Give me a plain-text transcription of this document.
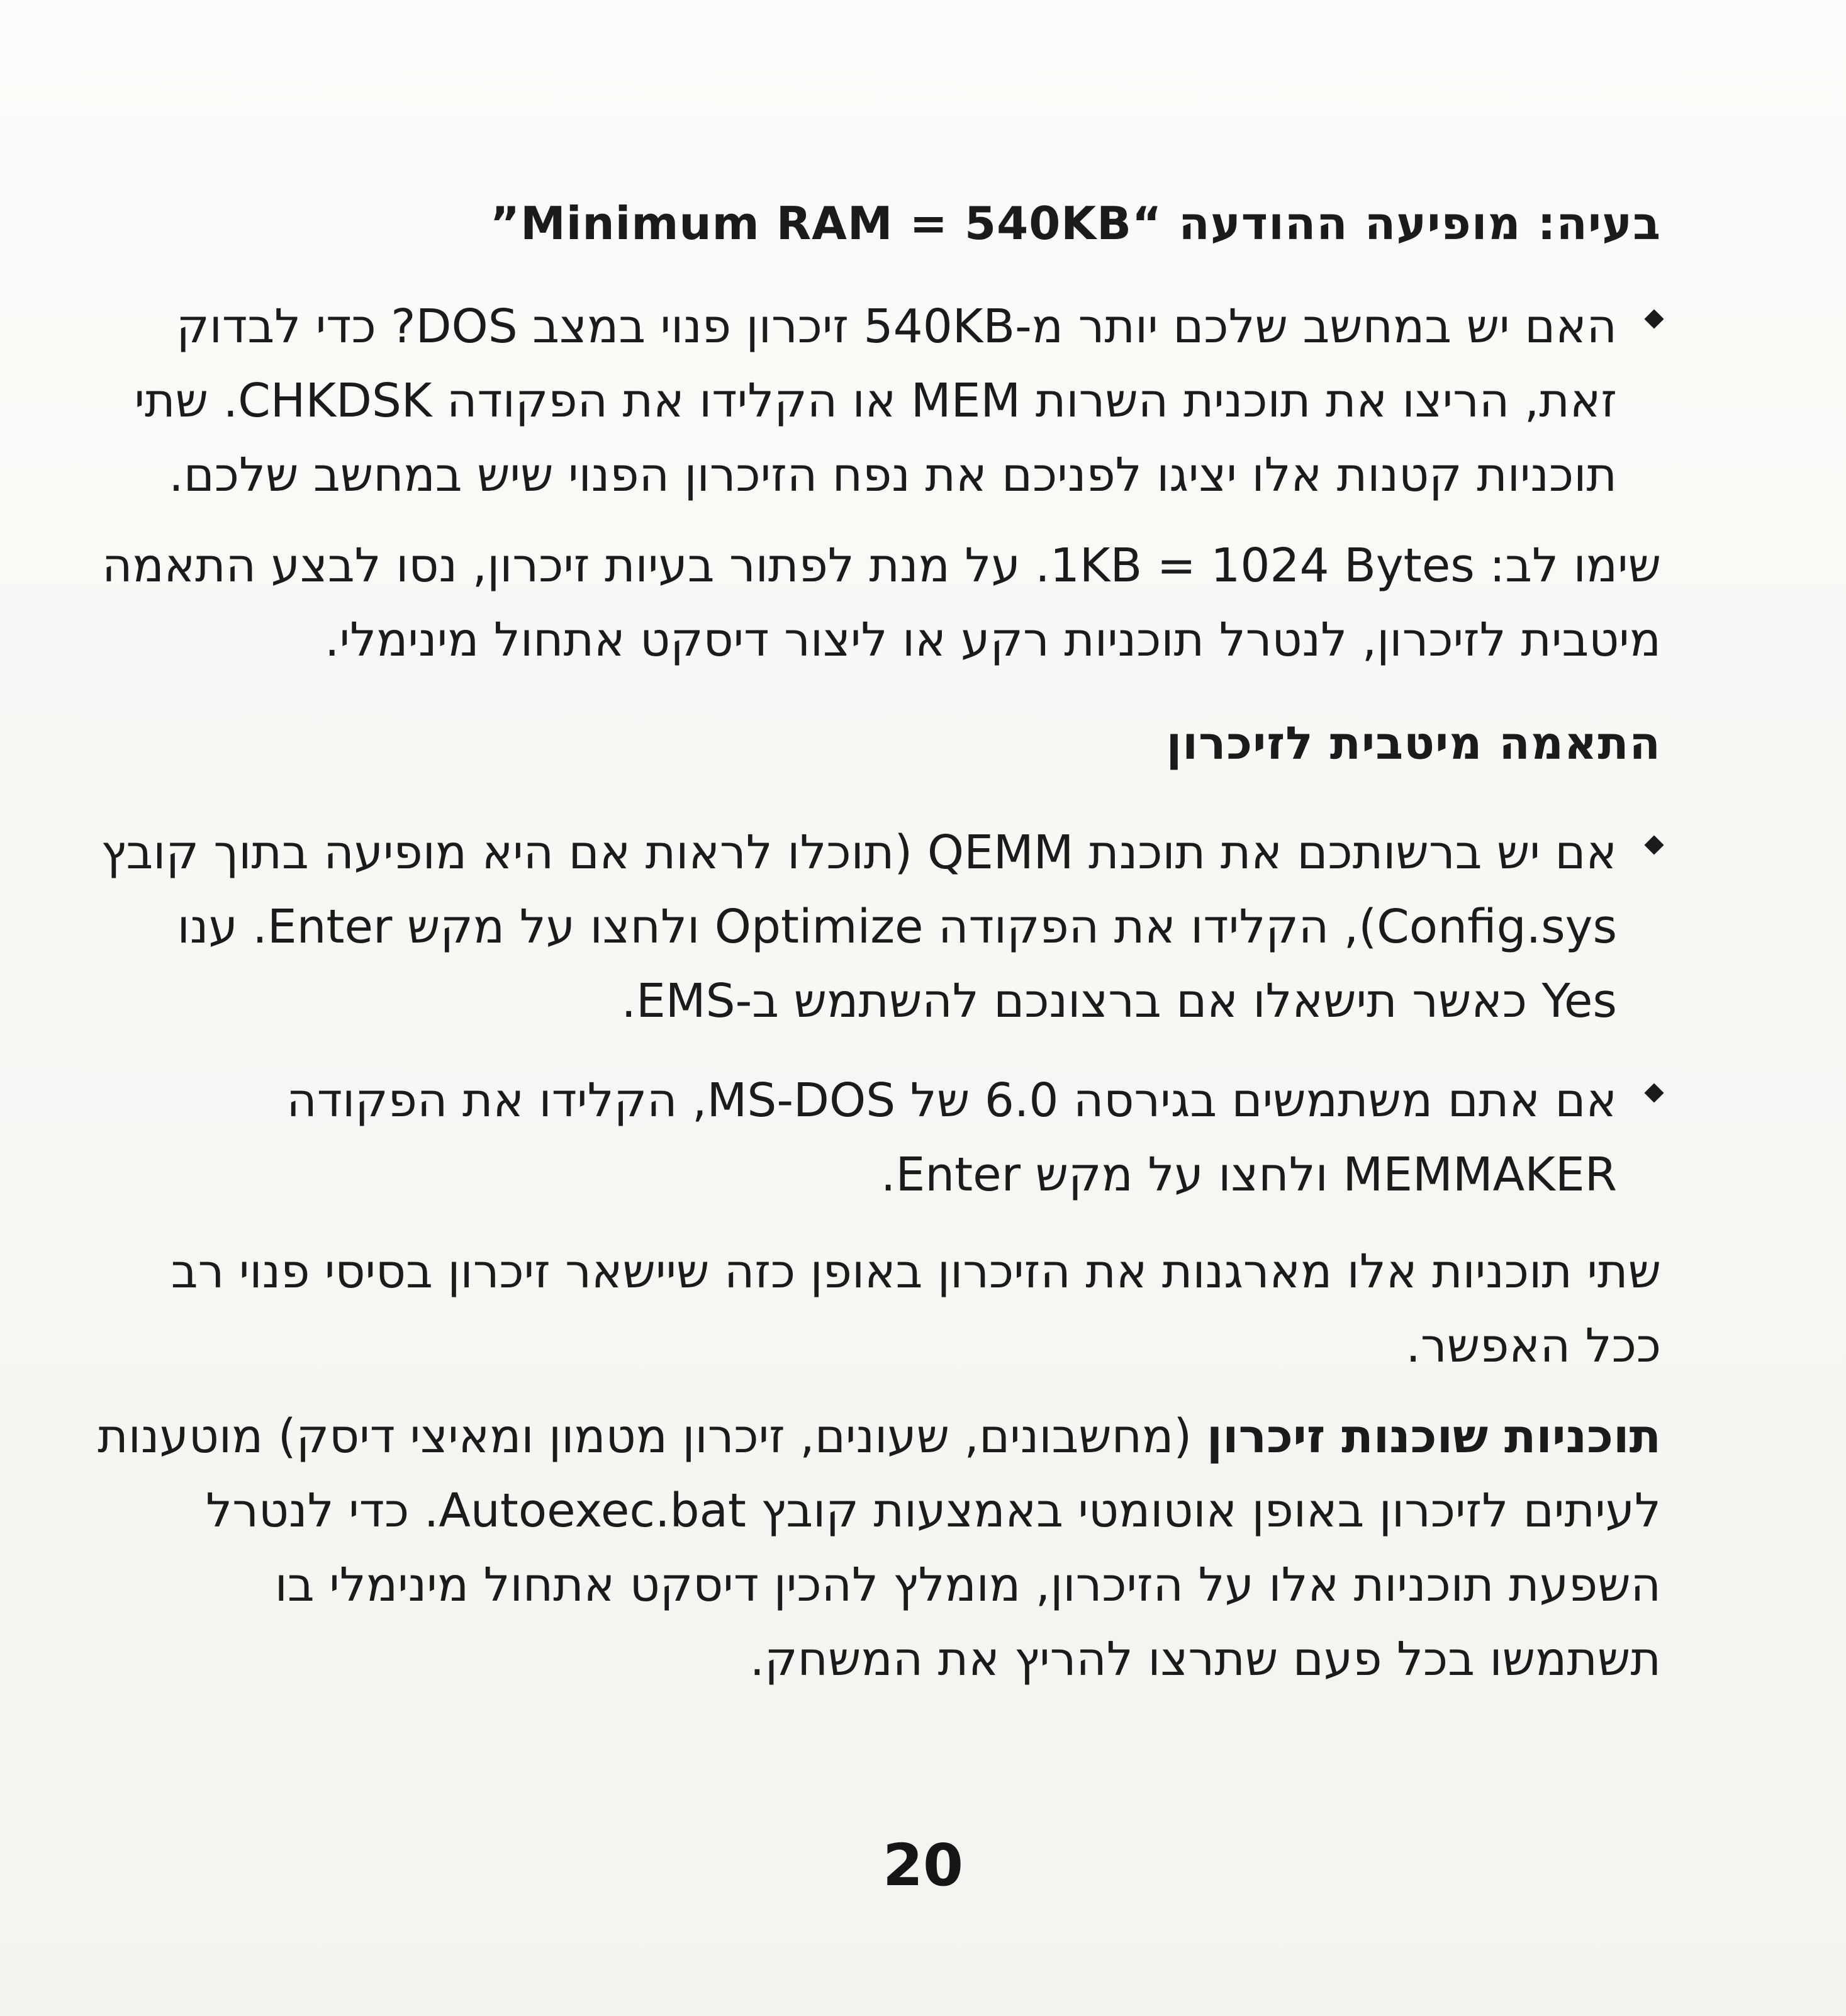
בעיה: מופיעה ההודעה “Minimum RAM = 540KB”

האם יש במחשב שלכם יותר מ-540KB זיכרון פנוי במצב DOS? כדי לבדוק זאת, הריצו את תוכנית השרות MEM או הקלידו את הפקודה CHKDSK. שתי תוכניות קטנות אלו יציגו לפניכם את נפח הזיכרון הפנוי שיש במחשב שלכם.

שימו לב: 1KB = 1024 Bytes. על מנת לפתור בעיות זיכרון, נסו לבצע התאמה מיטבית לזיכרון, לנטרל תוכניות רקע או ליצור דיסקט אתחול מינימלי.

התאמה מיטבית לזיכרון

אם יש ברשותכם את תוכנת QEMM (תוכלו לראות אם היא מופיעה בתוך קובץ Config.sys), הקלידו את הפקודה Optimize ולחצו על מקש Enter. ענו Yes כאשר תישאלו אם ברצונכם להשתמש ב-EMS.

אם אתם משתמשים בגירסה 6.0 של MS-DOS, הקלידו את הפקודה MEMMAKER ולחצו על מקש Enter.

שתי תוכניות אלו מארגנות את הזיכרון באופן כזה שיישאר זיכרון בסיסי פנוי רב ככל האפשר.

תוכניות שוכנות זיכרון (מחשבונים, שעונים, זיכרון מטמון ומאיצי דיסק) מוטענות לעיתים לזיכרון באופן אוטומטי באמצעות קובץ Autoexec.bat. כדי לנטרל השפעת תוכניות אלו על הזיכרון, מומלץ להכין דיסקט אתחול מינימלי בו תשתמשו בכל פעם שתרצו להריץ את המשחק.

20
